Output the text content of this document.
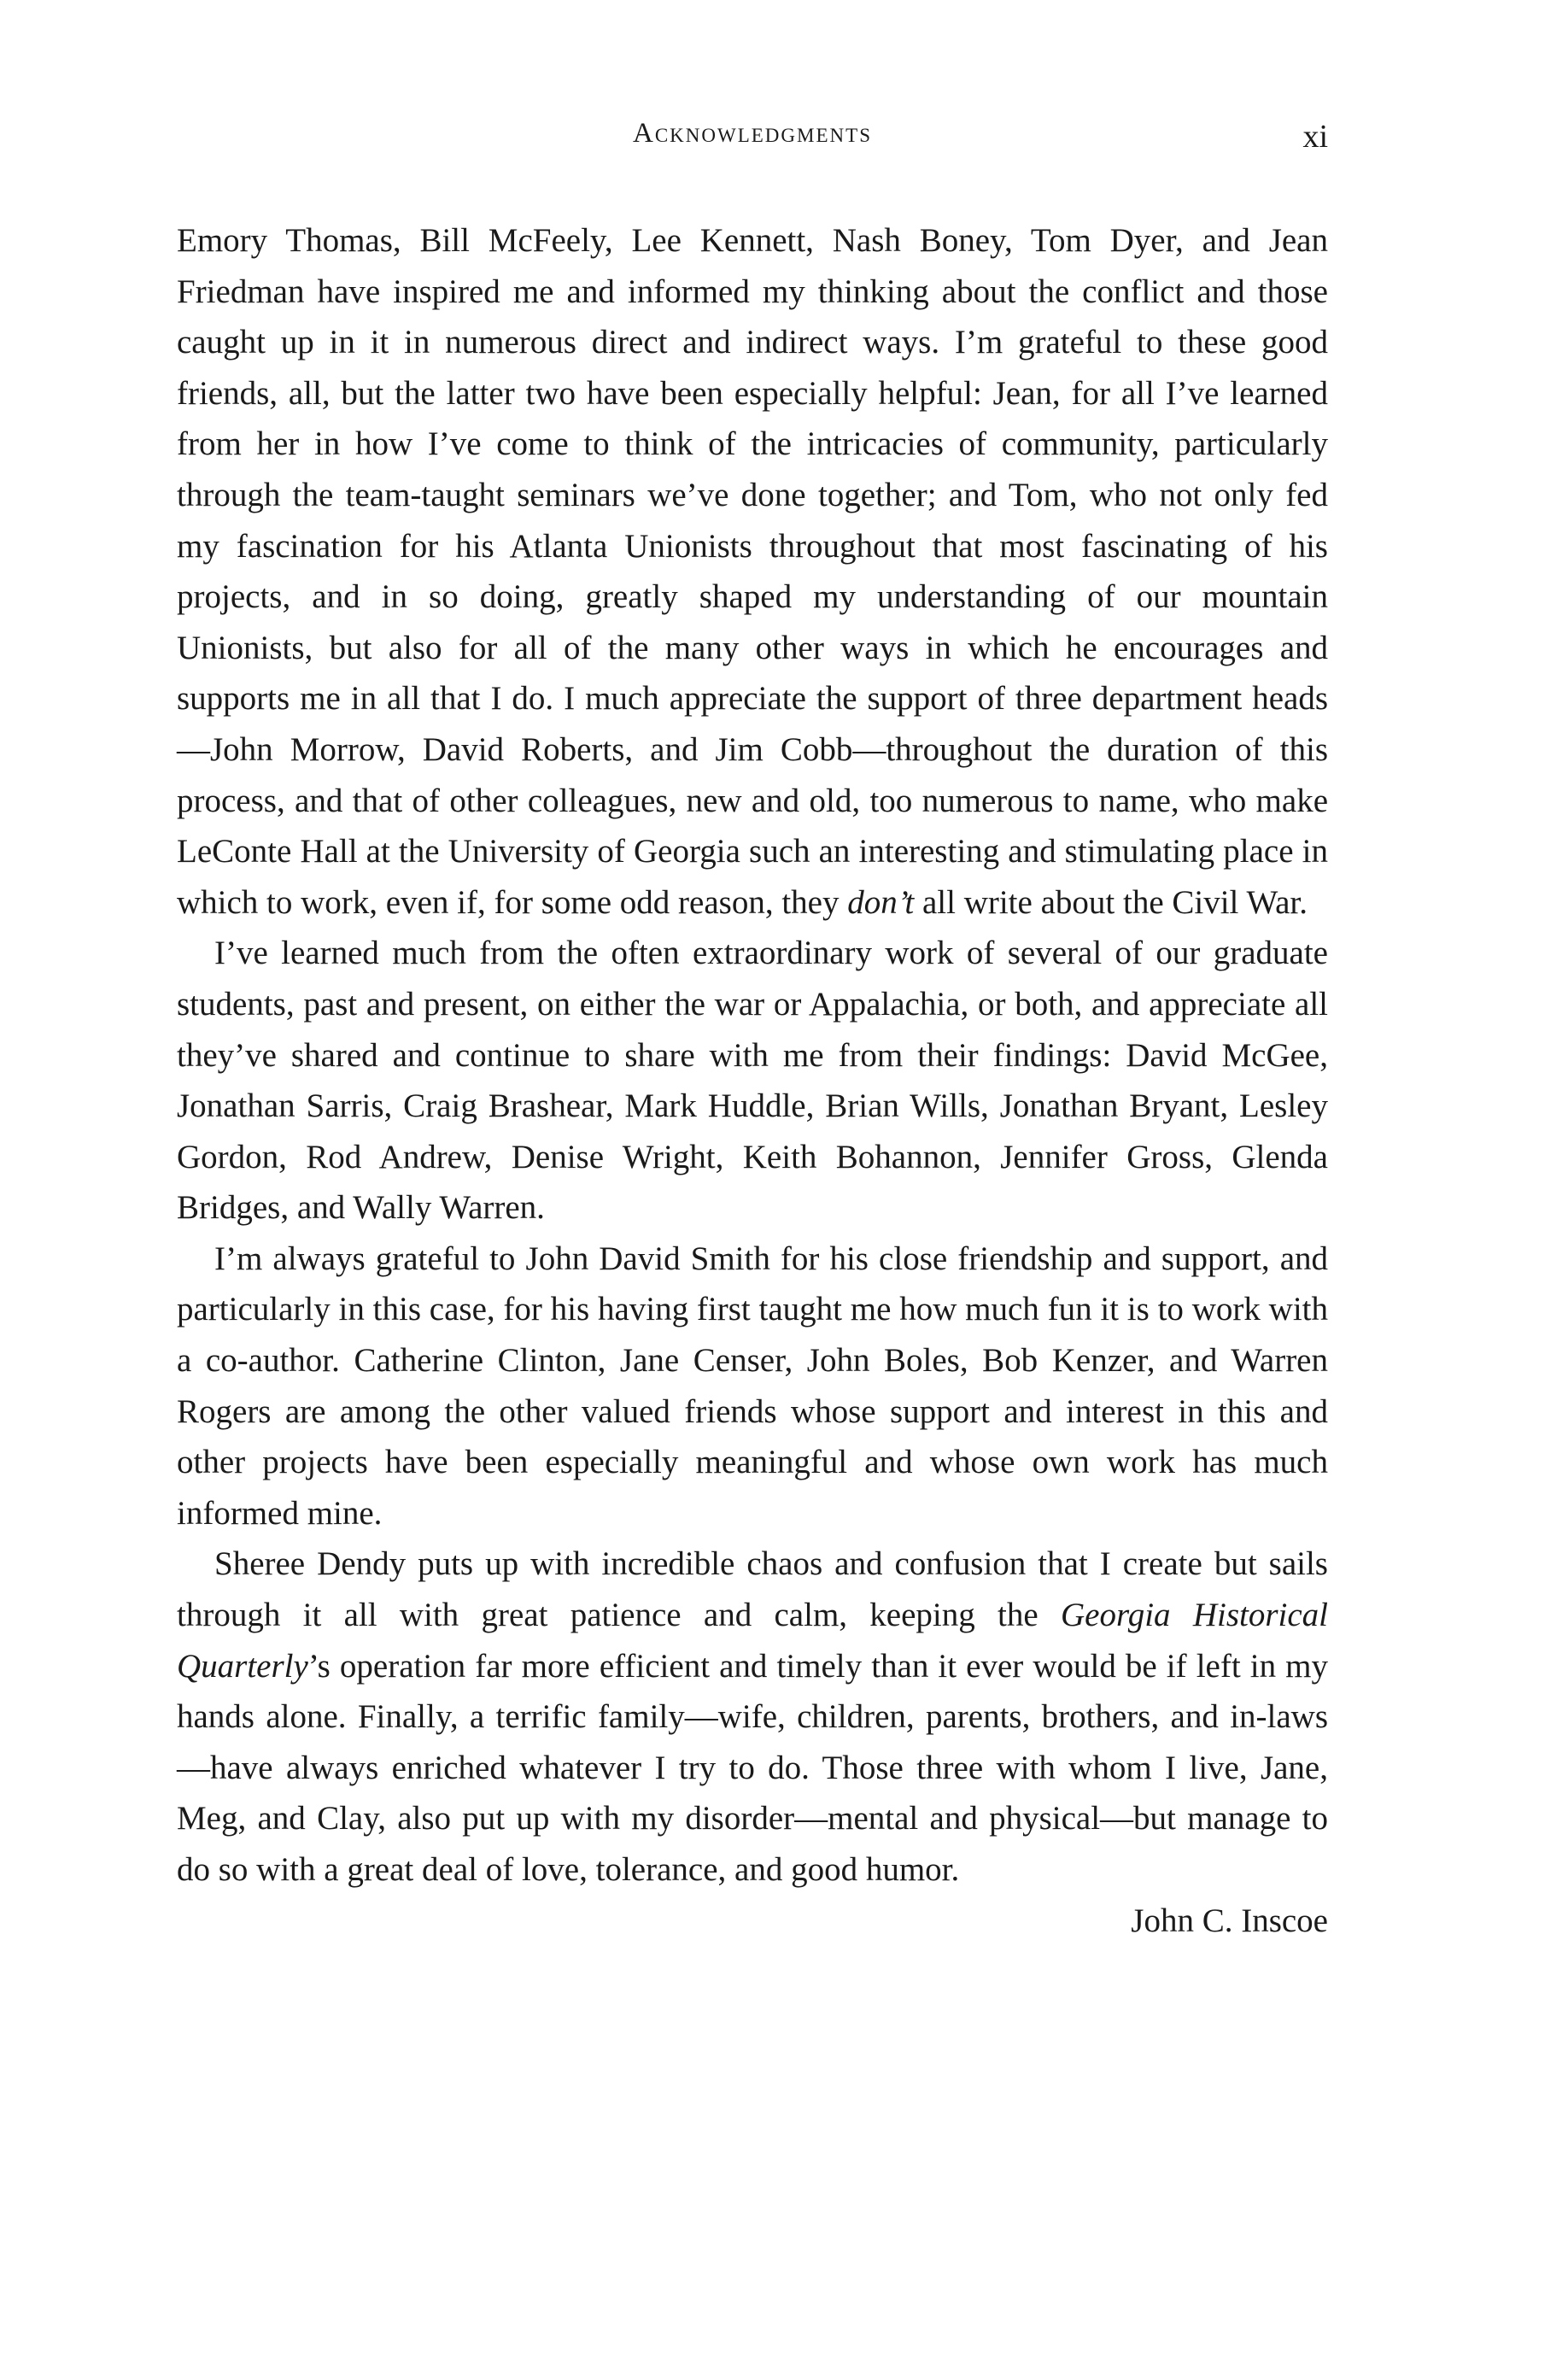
Acknowledgments	xi

Emory Thomas, Bill McFeely, Lee Kennett, Nash Boney, Tom Dyer, and Jean Friedman have inspired me and informed my thinking about the conflict and those caught up in it in numerous direct and indirect ways. I’m grateful to these good friends, all, but the latter two have been especially helpful: Jean, for all I’ve learned from her in how I’ve come to think of the intricacies of community, particularly through the team-taught seminars we’ve done together; and Tom, who not only fed my fascination for his Atlanta Unionists throughout that most fascinating of his projects, and in so doing, greatly shaped my understanding of our mountain Unionists, but also for all of the many other ways in which he encourages and supports me in all that I do. I much appreciate the support of three department heads—John Morrow, David Roberts, and Jim Cobb—throughout the duration of this process, and that of other colleagues, new and old, too numerous to name, who make LeConte Hall at the University of Georgia such an interesting and stimulating place in which to work, even if, for some odd reason, they don’t all write about the Civil War.

I’ve learned much from the often extraordinary work of several of our graduate students, past and present, on either the war or Appalachia, or both, and appreciate all they’ve shared and continue to share with me from their findings: David McGee, Jonathan Sarris, Craig Brashear, Mark Huddle, Brian Wills, Jonathan Bryant, Lesley Gordon, Rod Andrew, Denise Wright, Keith Bohannon, Jennifer Gross, Glenda Bridges, and Wally Warren.

I’m always grateful to John David Smith for his close friendship and support, and particularly in this case, for his having first taught me how much fun it is to work with a co-author. Catherine Clinton, Jane Censer, John Boles, Bob Kenzer, and Warren Rogers are among the other valued friends whose support and interest in this and other projects have been especially meaningful and whose own work has much informed mine.

Sheree Dendy puts up with incredible chaos and confusion that I create but sails through it all with great patience and calm, keeping the Georgia Historical Quarterly’s operation far more efficient and timely than it ever would be if left in my hands alone. Finally, a terrific family—wife, children, parents, brothers, and in-laws—have always enriched whatever I try to do. Those three with whom I live, Jane, Meg, and Clay, also put up with my disorder—mental and physical—but manage to do so with a great deal of love, tolerance, and good humor.

John C. Inscoe
